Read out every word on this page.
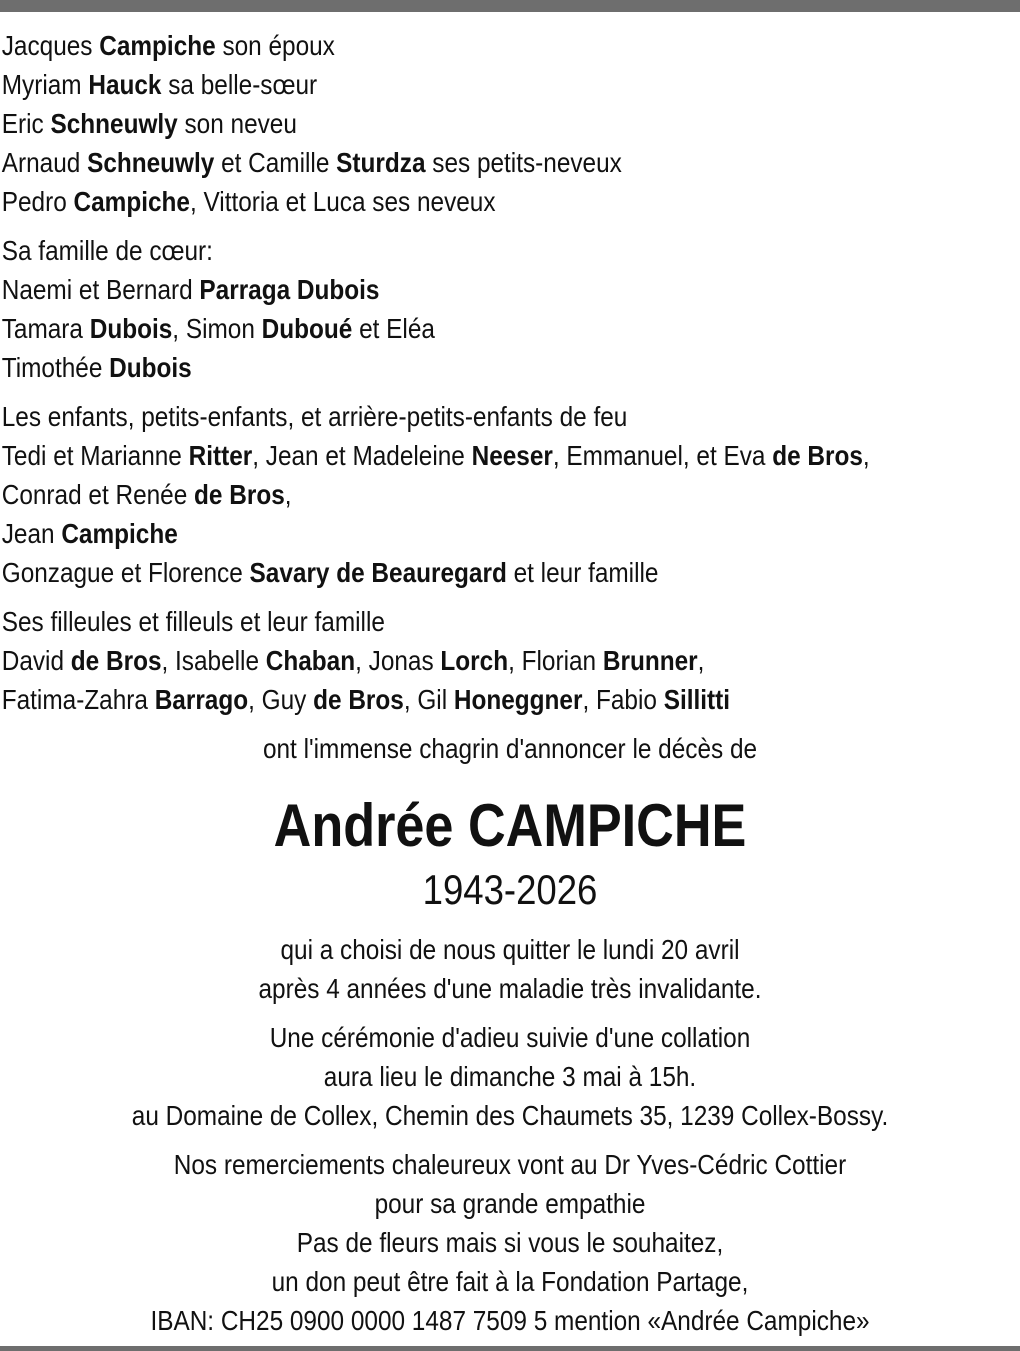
Jacques Campiche son époux
Myriam Hauck sa belle-sœur
Eric Schneuwly son neveu
Arnaud Schneuwly et Camille Sturdza ses petits-neveux
Pedro Campiche, Vittoria et Luca ses neveux
Sa famille de cœur:
Naemi et Bernard Parraga Dubois
Tamara Dubois, Simon Duboué et Eléa
Timothée Dubois
Les enfants, petits-enfants, et arrière-petits-enfants de feu
Tedi et Marianne Ritter, Jean et Madeleine Neeser, Emmanuel, et Eva de Bros,
Conrad et Renée de Bros,
Jean Campiche
Gonzague et Florence Savary de Beauregard et leur famille
Ses filleules et filleuls et leur famille
David de Bros, Isabelle Chaban, Jonas Lorch, Florian Brunner,
Fatima-Zahra Barrago, Guy de Bros, Gil Honeggner, Fabio Sillitti
ont l'immense chagrin d'annoncer le décès de
Andrée CAMPICHE
1943-2026
qui a choisi de nous quitter le lundi 20 avril
après 4 années d'une maladie très invalidante.
Une cérémonie d'adieu suivie d'une collation
aura lieu le dimanche 3 mai à 15h.
au Domaine de Collex, Chemin des Chaumets 35, 1239 Collex-Bossy.
Nos remerciements chaleureux vont au Dr Yves-Cédric Cottier
pour sa grande empathie
Pas de fleurs mais si vous le souhaitez,
un don peut être fait à la Fondation Partage,
IBAN: CH25 0900 0000 1487 7509 5 mention «Andrée Campiche»
